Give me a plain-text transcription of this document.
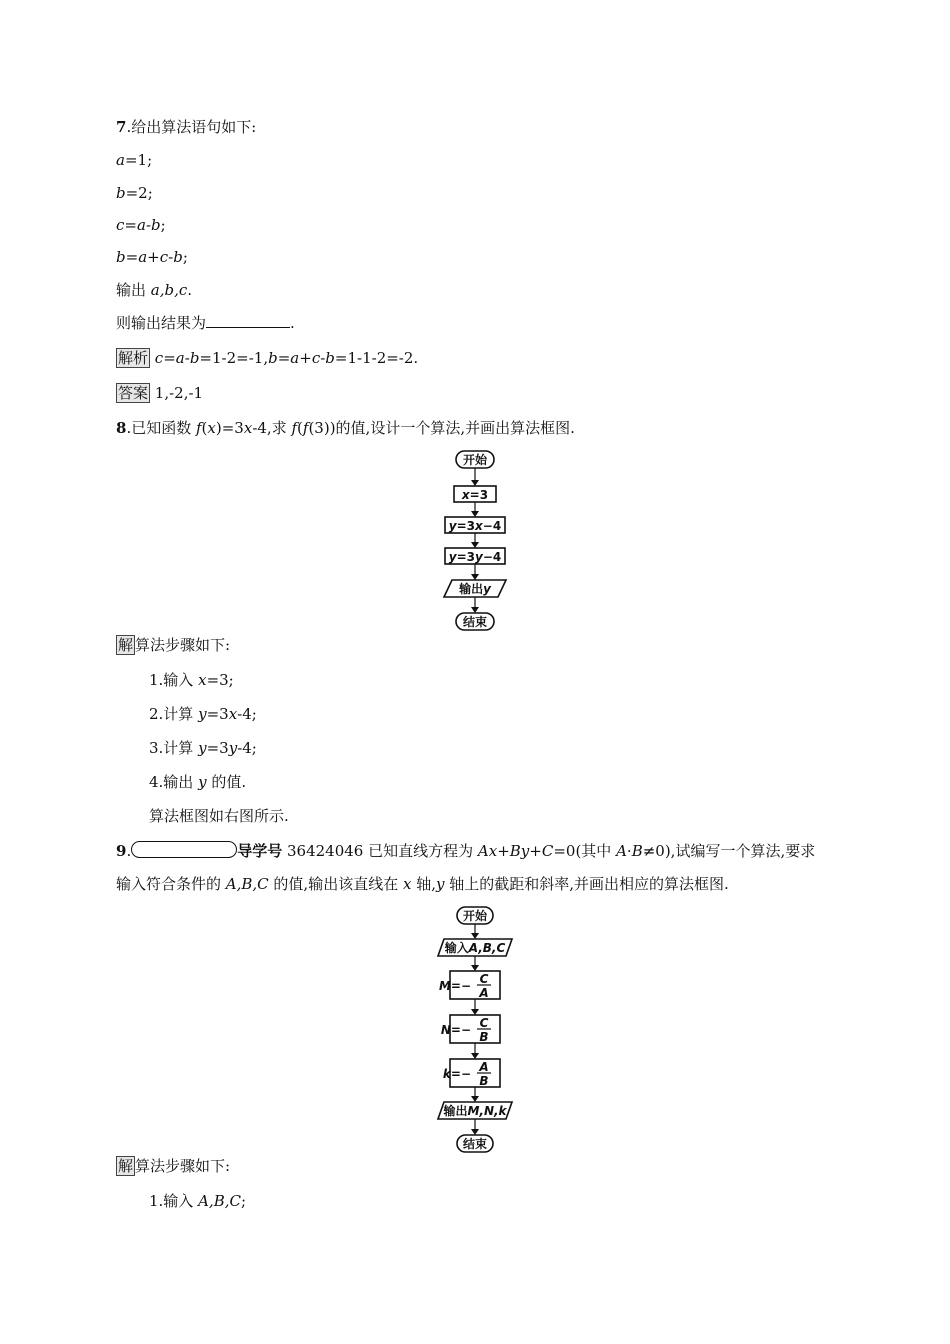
7.给出算法语句如下:
a=1;
b=2;
c=a-b;
b=a+c-b;
输出 a,b,c.
则输出结果为	.
解析 c=a-b=1-2=-1,b=a+c-b=1-1-2=-2.
答案 1,-2,-1
8.已知函数 f(x)=3x-4,求 f(f(3))的值,设计一个算法,并画出算法框图.
开始
x=3
y=3x−4
y=3y−4
输出y
结束
解 算法步骤如下:
1.输入 x=3;
2.计算 y=3x-4;
3.计算 y=3y-4;
4.输出 y 的值.
算法框图如右图所示.
9.	导学号 36424046 已知直线方程为 Ax+By+C=0(其中 A·B≠0),试编写一个算法,要求
输入符合条件的 A,B,C 的值,输出该直线在 x 轴,y 轴上的截距和斜率,并画出相应的算法框图.
开始
输入A,B,C
M=− C
A
N=− C
B
k=− A
B
输出M,N,k
结束
解 算法步骤如下:
1.输入 A,B,C;
